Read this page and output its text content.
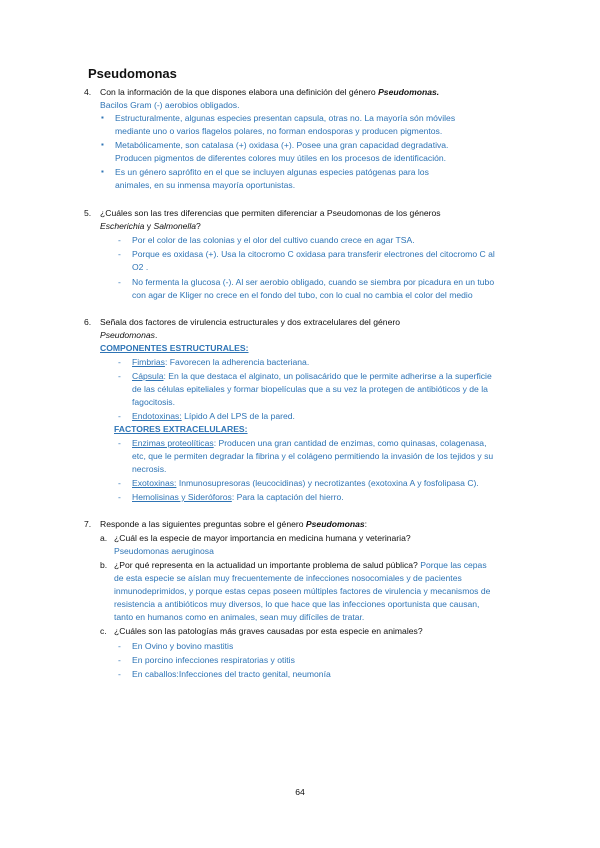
Pseudomonas
4. Con la información de la que dispones elabora una definición del género Pseudomonas.
Bacilos Gram (-) aerobios obligados.
▪ Estructuralmente, algunas especies presentan capsula, otras no. La mayoría són móviles
mediante uno o varios flagelos polares, no forman endosporas y producen pigmentos.
▪ Metabólicamente, son catalasa (+) oxidasa (+). Posee una gran capacidad degradativa.
Producen pigmentos de diferentes colores muy útiles en los procesos de identificación.
▪ Es un género saprófito en el que se incluyen algunas especies patógenas para los
animales, en su inmensa mayoría oportunistas.
5. ¿Cuáles son las tres diferencias que permiten diferenciar a Pseudomonas de los géneros
Escherichia y Salmonella?
- Por el color de las colonias y el olor del cultivo cuando crece en agar TSA.
- Porque es oxidasa (+). Usa la citocromo C oxidasa para transferir electrones del citocromo C al
O2 .
- No fermenta la glucosa (-). Al ser aerobio obligado, cuando se siembra por picadura en un tubo
con agar de Kliger no crece en el fondo del tubo, con lo cual no cambia el color del medio
6. Señala dos factores de virulencia estructurales y dos extracelulares del género
Pseudomonas.
COMPONENTES ESTRUCTURALES:
- Fimbrias: Favorecen la adherencia bacteriana.
- Cápsula: En la que destaca el alginato, un polisacárido que le permite adherirse a la superficie
de las células epiteliales y formar biopelículas que a su vez la protegen de antibióticos y de la
fagocitosis.
- Endotoxinas: Lípido A del LPS de la pared.
FACTORES EXTRACELULARES:
- Enzimas proteolíticas: Producen una gran cantidad de enzimas, como quinasas, colagenasa,
etc, que le permiten degradar la fibrina y el colágeno permitiendo la invasión de los tejidos y su
necrosis.
- Exotoxinas: Inmunosupresoras (leucocidinas) y necrotizantes (exotoxina A y fosfolipasa C).
- Hemolisinas y Sideróforos: Para la captación del hierro.
7. Responde a las siguientes preguntas sobre el género Pseudomonas:
a. ¿Cuál es la especie de mayor importancia en medicina humana y veterinaria?
Pseudomonas aeruginosa
b. ¿Por qué representa en la actualidad un importante problema de salud pública? Porque las cepas
de esta especie se aíslan muy frecuentemente de infecciones nosocomiales y de pacientes
inmunodeprimidos, y porque estas cepas poseen múltiples factores de virulencia y mecanismos de
resistencia a antibióticos muy diversos, lo que hace que las infecciones oportunista que causan,
tanto en humanos como en animales, sean muy difíciles de tratar.
c. ¿Cuáles son las patologías más graves causadas por esta especie en animales?
- En Ovino y bovino mastitis
- En porcino infecciones respiratorias y otitis
- En caballos:Infecciones del tracto genital, neumonía
64
